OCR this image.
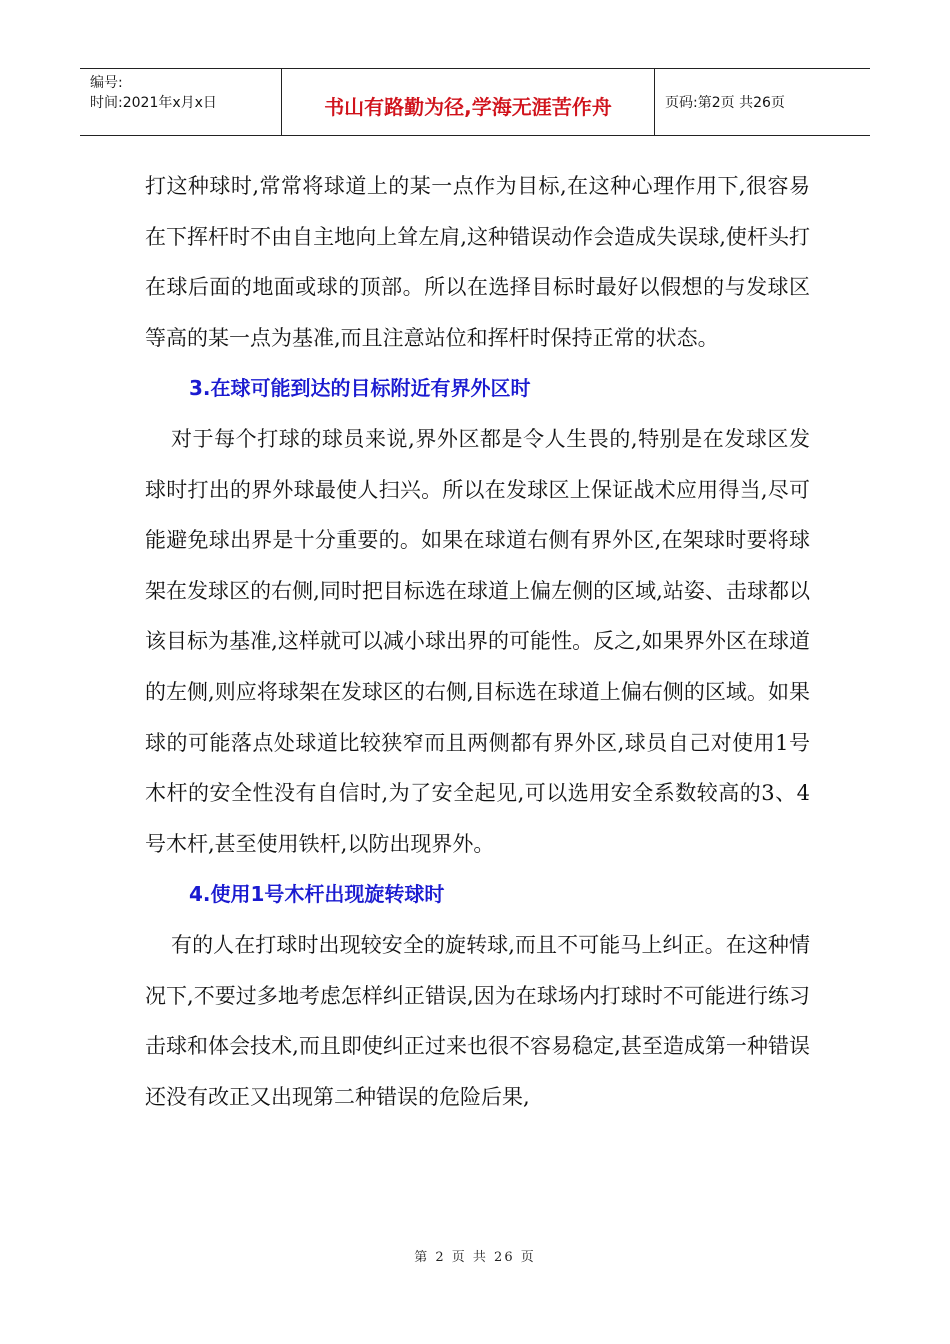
编号:
时间:2021年x月x日	书山有路勤为径,学海无涯苦作舟	页码:第2页 共26页

打这种球时,常常将球道上的某一点作为目标,在这种心理作用下,很容易在下挥杆时不由自主地向上耸左肩,这种错误动作会造成失误球,使杆头打在球后面的地面或球的顶部。所以在选择目标时最好以假想的与发球区等高的某一点为基准,而且注意站位和挥杆时保持正常的状态。

3.在球可能到达的目标附近有界外区时

对于每个打球的球员来说,界外区都是令人生畏的,特别是在发球区发球时打出的界外球最使人扫兴。所以在发球区上保证战术应用得当,尽可能避免球出界是十分重要的。如果在球道右侧有界外区,在架球时要将球架在发球区的右侧,同时把目标选在球道上偏左侧的区域,站姿、击球都以该目标为基准,这样就可以减小球出界的可能性。反之,如果界外区在球道的左侧,则应将球架在发球区的右侧,目标选在球道上偏右侧的区域。如果球的可能落点处球道比较狭窄而且两侧都有界外区,球员自己对使用1号木杆的安全性没有自信时,为了安全起见,可以选用安全系数较高的3、4号木杆,甚至使用铁杆,以防出现界外。

4.使用1号木杆出现旋转球时

有的人在打球时出现较安全的旋转球,而且不可能马上纠正。在这种情况下,不要过多地考虑怎样纠正错误,因为在球场内打球时不可能进行练习击球和体会技术,而且即使纠正过来也很不容易稳定,甚至造成第一种错误还没有改正又出现第二种错误的危险后果,

第 2 页 共 26 页
